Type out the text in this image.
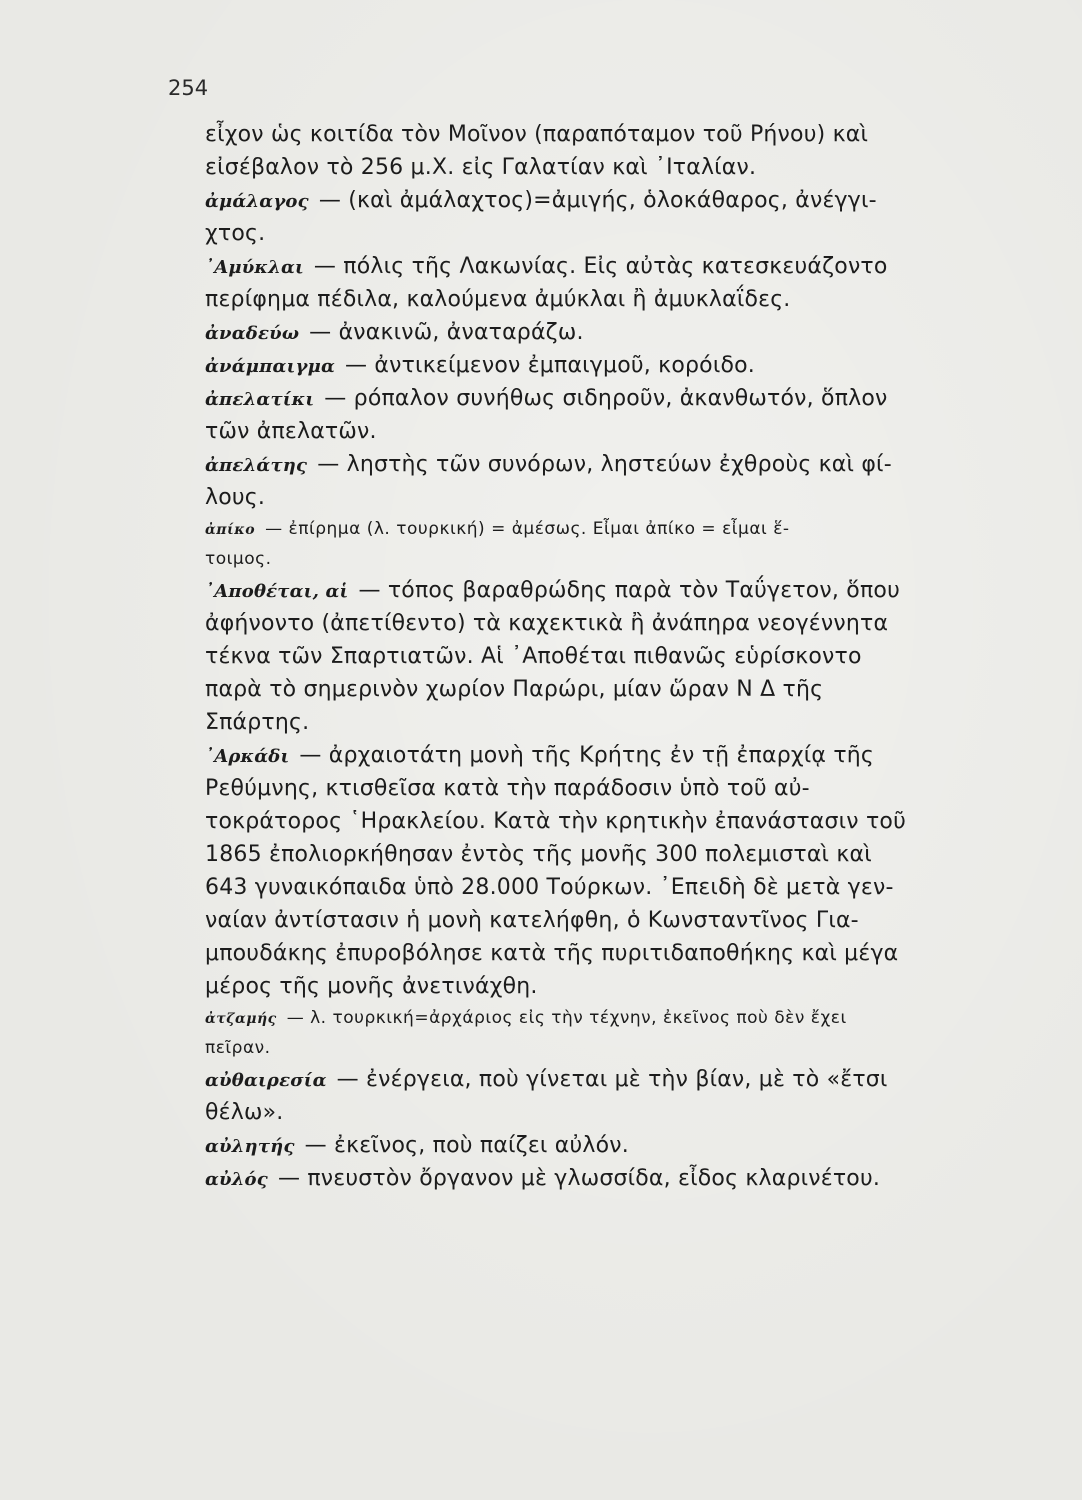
254
εἶχον ὡς κοιτίδα τὸν Μοῖνον (παραπόταμον τοῦ Ρήνου) καὶ
εἰσέβαλον τὸ 256 μ.Χ. εἰς Γαλατίαν καὶ ᾿Ιταλίαν.
ἀμάλαγος — (καὶ ἀμάλαχτος)=ἀμιγής, ὁλοκάθαρος, ἀνέγγι-
χτος.
᾿Αμύκλαι — πόλις τῆς Λακωνίας. Εἰς αὐτὰς κατεσκευάζοντο
περίφημα πέδιλα, καλούμενα ἀμύκλαι ἢ ἀμυκλαΐδες.
ἀναδεύω — ἀνακινῶ, ἀναταράζω.
ἀνάμπαιγμα — ἀντικείμενον ἐμπαιγμοῦ, κορόιδο.
ἀπελατίκι — ρόπαλον συνήθως σιδηροῦν, ἀκανθωτόν, ὅπλον
τῶν ἀπελατῶν.
ἀπελάτης — ληστὴς τῶν συνόρων, ληστεύων ἐχθροὺς καὶ φί-
λους.
ἀπίκο — ἐπίρημα (λ. τουρκική) = ἀμέσως. Εἶμαι ἀπίκο = εἶμαι ἕ-
τοιμος.
᾿Αποθέται, αἱ — τόπος βαραθρώδης παρὰ τὸν Ταΰγετον, ὅπου
ἀφήνοντο (ἀπετίθεντο) τὰ καχεκτικὰ ἢ ἀνάπηρα νεογέννητα
τέκνα τῶν Σπαρτιατῶν. Αἱ ᾿Αποθέται πιθανῶς εὑρίσκοντο
παρὰ τὸ σημερινὸν χωρίον Παρώρι, μίαν ὥραν Ν Δ τῆς
Σπάρτης.
᾿Αρκάδι — ἀρχαιοτάτη μονὴ τῆς Κρήτης ἐν τῇ ἐπαρχίᾳ τῆς
Ρεθύμνης, κτισθεῖσα κατὰ τὴν παράδοσιν ὑπὸ τοῦ αὐ-
τοκράτορος ῾Ηρακλείου. Κατὰ τὴν κρητικὴν ἐπανάστασιν τοῦ
1865 ἐπολιορκήθησαν ἐντὸς τῆς μονῆς 300 πολεμισταὶ καὶ
643 γυναικόπαιδα ὑπὸ 28.000 Τούρκων. ᾿Επειδὴ δὲ μετὰ γεν-
ναίαν ἀντίστασιν ἡ μονὴ κατελήφθη, ὁ Κωνσταντῖνος Για-
μπουδάκης ἐπυροβόλησε κατὰ τῆς πυριτιδαποθήκης καὶ μέγα
μέρος τῆς μονῆς ἀνετινάχθη.
ἀτζαμής — λ. τουρκική=ἀρχάριος εἰς τὴν τέχνην, ἐκεῖνος ποὺ δὲν ἔχει
πεῖραν.
αὐθαιρεσία — ἐνέργεια, ποὺ γίνεται μὲ τὴν βίαν, μὲ τὸ «ἔτσι
θέλω».
αὐλητής — ἐκεῖνος, ποὺ παίζει αὐλόν.
αὐλός — πνευστὸν ὄργανον μὲ γλωσσίδα, εἶδος κλαρινέτου.
